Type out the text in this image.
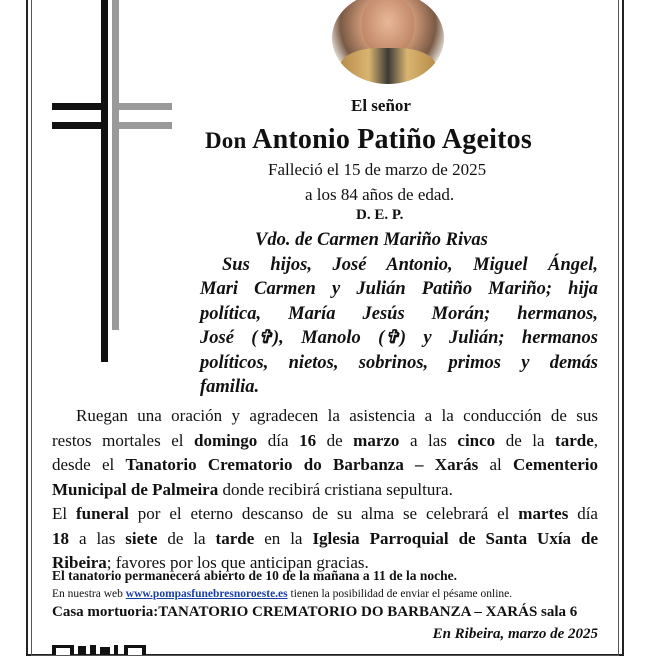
El señor
Don Antonio Patiño Ageitos
Falleció el 15 de marzo de 2025
a los 84 años de edad.
D. E. P.
Vdo. de Carmen Mariño Rivas
Sus hijos, José Antonio, Miguel Ángel,
Mari Carmen y Julián Patiño Mariño; hija
política, María Jesús Morán; hermanos,
José (✞), Manolo (✞) y Julián; hermanos
políticos, nietos, sobrinos, primos y demás
familia.
Ruegan una oración y agradecen la asistencia a la conducción de sus
restos mortales el domingo día 16 de marzo a las cinco de la tarde,
desde el Tanatorio Crematorio do Barbanza – Xarás al Cementerio
Municipal de Palmeira donde recibirá cristiana sepultura.
El funeral por el eterno descanso de su alma se celebrará el martes día
18 a las siete de la tarde en la Iglesia Parroquial de Santa Uxía de
Ribeira; favores por los que anticipan gracias.
El tanatorio permanecerá abierto de 10 de la mañana a 11 de la noche.
En nuestra web www.pompasfunebresnoroeste.es tienen la posibilidad de enviar el pésame online.
Casa mortuoria:TANATORIO CREMATORIO DO BARBANZA – XARÁS sala 6
En Ribeira, marzo de 2025
